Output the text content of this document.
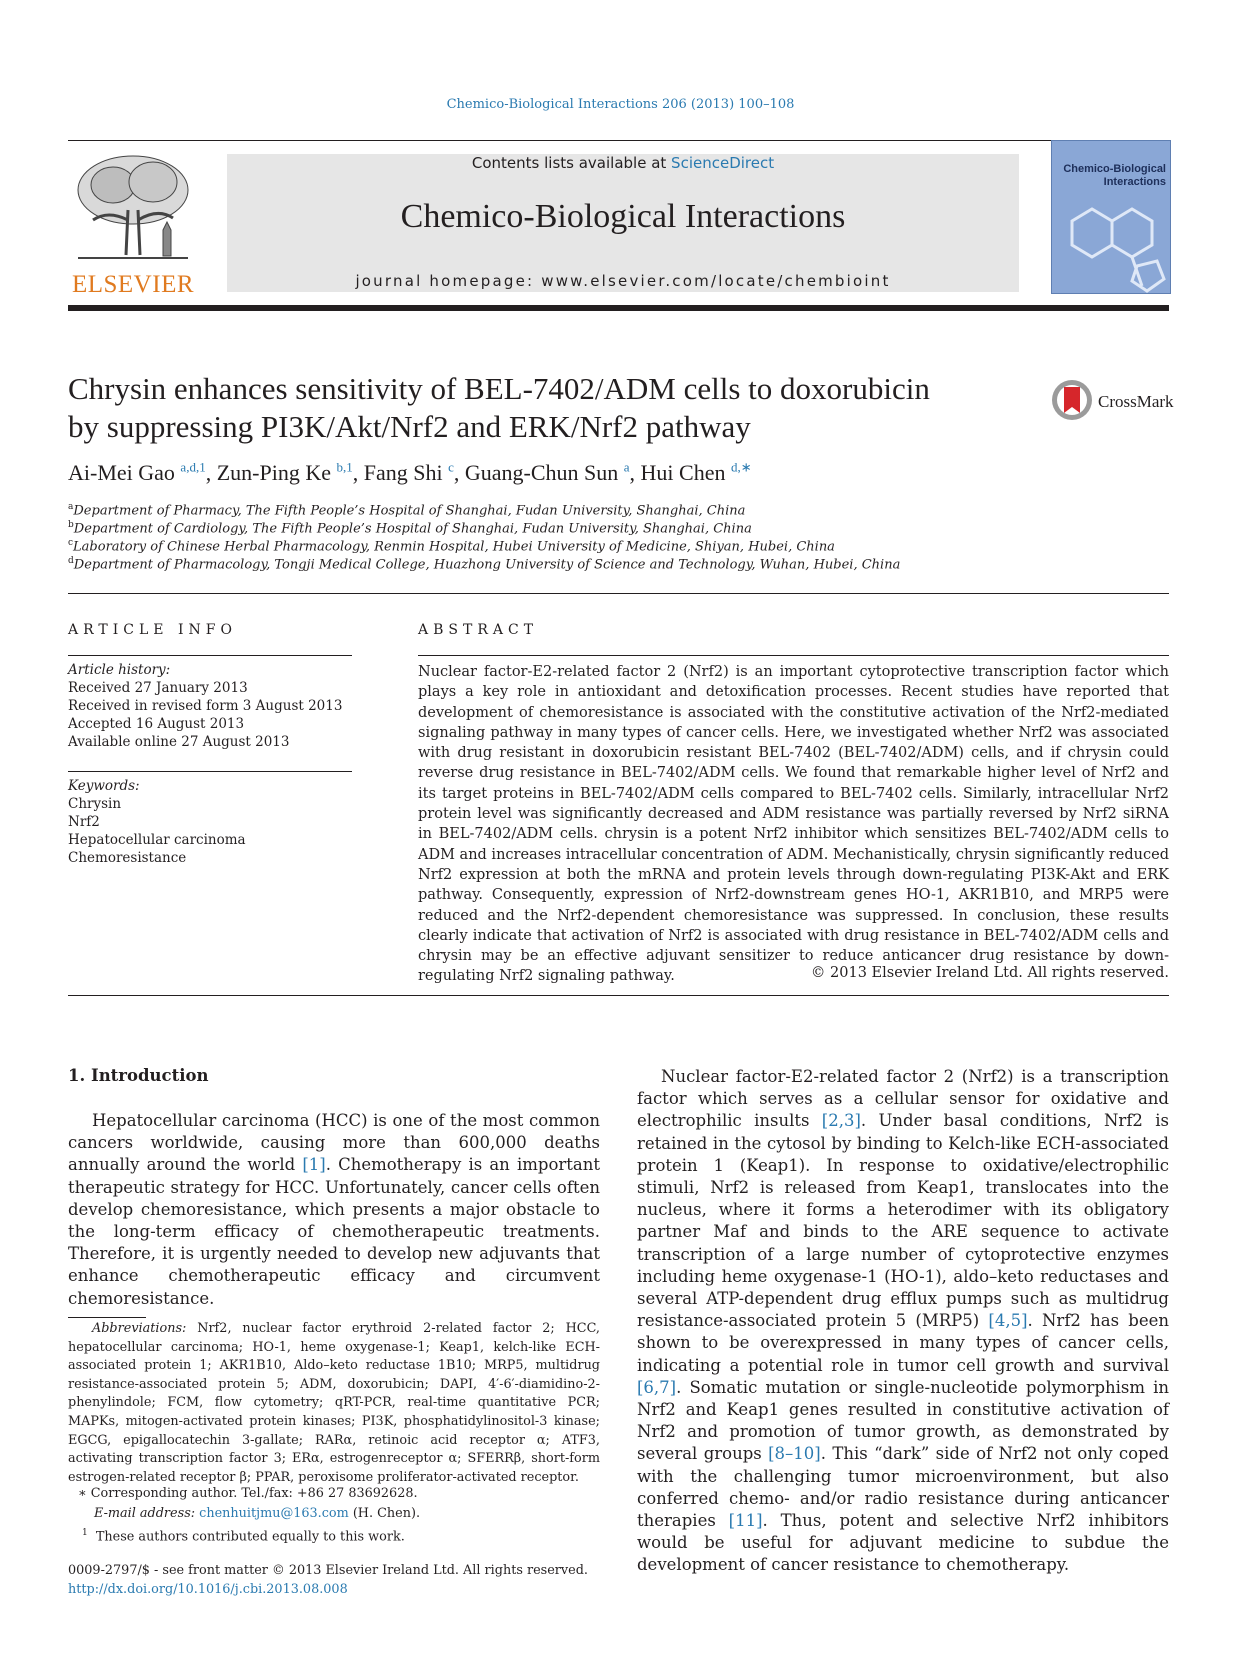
Chemico-Biological Interactions 206 (2013) 100–108
ELSEVIER
Contents lists available at ScienceDirect
Chemico-Biological Interactions
journal homepage: www.elsevier.com/locate/chembioint
Chemico-Biological
Interactions
Chrysin enhances sensitivity of BEL-7402/ADM cells to doxorubicin
by suppressing PI3K/Akt/Nrf2 and ERK/Nrf2 pathway
CrossMark
Ai-Mei Gao $^{a,d,1}$, Zun-Ping Ke $^{b,1}$, Fang Shi $^c$, Guang-Chun Sun $^a$, Hui Chen $^{d,∗}$
$^a$Department of Pharmacy, The Fifth People’s Hospital of Shanghai, Fudan University, Shanghai, China
$^b$Department of Cardiology, The Fifth People’s Hospital of Shanghai, Fudan University, Shanghai, China
$^c$Laboratory of Chinese Herbal Pharmacology, Renmin Hospital, Hubei University of Medicine, Shiyan, Hubei, China
$^d$Department of Pharmacology, Tongji Medical College, Huazhong University of Science and Technology, Wuhan, Hubei, China
ARTICLE INFO
Article history:
Received 27 January 2013
Received in revised form 3 August 2013
Accepted 16 August 2013
Available online 27 August 2013
Keywords:
Chrysin
Nrf2
Hepatocellular carcinoma
Chemoresistance
ABSTRACT
Nuclear factor-E2-related factor 2 (Nrf2) is an important cytoprotective transcription factor which plays a key role in antioxidant and detoxification processes. Recent studies have reported that development of chemoresistance is associated with the constitutive activation of the Nrf2-mediated signaling pathway in many types of cancer cells. Here, we investigated whether Nrf2 was associated with drug resistant in doxorubicin resistant BEL-7402 (BEL-7402/ADM) cells, and if chrysin could reverse drug resistance in BEL-7402/ADM cells. We found that remarkable higher level of Nrf2 and its target proteins in BEL-7402/ADM cells compared to BEL-7402 cells. Similarly, intracellular Nrf2 protein level was significantly decreased and ADM resistance was partially reversed by Nrf2 siRNA in BEL-7402/ADM cells. chrysin is a potent Nrf2 inhibitor which sensitizes BEL-7402/ADM cells to ADM and increases intracellular concentration of ADM. Mechanistically, chrysin significantly reduced Nrf2 expression at both the mRNA and protein levels through down-regulating PI3K-Akt and ERK pathway. Consequently, expression of Nrf2-downstream genes HO-1, AKR1B10, and MRP5 were reduced and the Nrf2-dependent chemoresistance was suppressed. In conclusion, these results clearly indicate that activation of Nrf2 is associated with drug resistance in BEL-7402/ADM cells and chrysin may be an effective adjuvant sensitizer to reduce anticancer drug resistance by down-regulating Nrf2 signaling pathway.	© 2013 Elsevier Ireland Ltd. All rights reserved.
1. Introduction
Hepatocellular carcinoma (HCC) is one of the most common cancers worldwide, causing more than 600,000 deaths annually around the world [1]. Chemotherapy is an important therapeutic strategy for HCC. Unfortunately, cancer cells often develop chemoresistance, which presents a major obstacle to the long-term efficacy of chemotherapeutic treatments. Therefore, it is urgently needed to develop new adjuvants that enhance chemotherapeutic efficacy and circumvent chemoresistance.
Abbreviations: Nrf2, nuclear factor erythroid 2-related factor 2; HCC, hepatocellular carcinoma; HO-1, heme oxygenase-1; Keap1, kelch-like ECH-associated protein 1; AKR1B10, Aldo–keto reductase 1B10; MRP5, multidrug resistance-associated protein 5; ADM, doxorubicin; DAPI, 4′-6′-diamidino-2-phenylindole; FCM, flow cytometry; qRT-PCR, real-time quantitative PCR; MAPKs, mitogen-activated protein kinases; PI3K, phosphatidylinositol-3 kinase; EGCG, epigallocatechin 3-gallate; RARα, retinoic acid receptor α; ATF3, activating transcription factor 3; ERα, estrogenreceptor α; SFERRβ, short-form estrogen-related receptor β; PPAR, peroxisome proliferator-activated receptor.
∗ Corresponding author. Tel./fax: +86 27 83692628.
E-mail address: chenhuitjmu@163.com (H. Chen).
$^1$ These authors contributed equally to this work.
0009-2797/$ - see front matter © 2013 Elsevier Ireland Ltd. All rights reserved.
http://dx.doi.org/10.1016/j.cbi.2013.08.008
Nuclear factor-E2-related factor 2 (Nrf2) is a transcription factor which serves as a cellular sensor for oxidative and electrophilic insults [2,3]. Under basal conditions, Nrf2 is retained in the cytosol by binding to Kelch-like ECH-associated protein 1 (Keap1). In response to oxidative/electrophilic stimuli, Nrf2 is released from Keap1, translocates into the nucleus, where it forms a heterodimer with its obligatory partner Maf and binds to the ARE sequence to activate transcription of a large number of cytoprotective enzymes including heme oxygenase-1 (HO-1), aldo–keto reductases and several ATP-dependent drug efflux pumps such as multidrug resistance-associated protein 5 (MRP5) [4,5]. Nrf2 has been shown to be overexpressed in many types of cancer cells, indicating a potential role in tumor cell growth and survival [6,7]. Somatic mutation or single-nucleotide polymorphism in Nrf2 and Keap1 genes resulted in constitutive activation of Nrf2 and promotion of tumor growth, as demonstrated by several groups [8–10]. This “dark” side of Nrf2 not only coped with the challenging tumor microenvironment, but also conferred chemo- and/or radio resistance during anticancer therapies [11]. Thus, potent and selective Nrf2 inhibitors would be useful for adjuvant medicine to subdue the development of cancer resistance to chemotherapy.
